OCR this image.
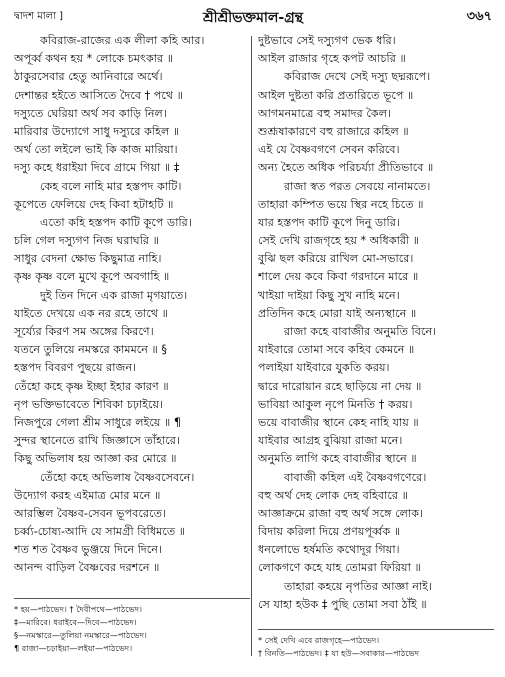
দ্বাদশ মালা ]	শ্রীশ্রীভক্তমাল-গ্রন্থ	৩৬৭
কবিরাজ-রাজের এক লীলা কহি আর।
অপূর্ব্ব কথন হয় * লোকে চমৎকার ॥
ঠাকুরসেবার হেতু আনিবারে অর্থে।
দেশান্তর হইতে আসিতে দৈবে † পথে ॥
দস্যুতে ঘেরিয়া অর্থ সব কাড়ি নিল।
মারিবার উদ্যোগে সাধু দস্যুরে কহিল ॥
অর্থ তো লইলে ভাই কি কাজ মারিয়া।
দস্যু কহে ধরাইয়া দিবে গ্রামে গিয়া ॥ ‡
কেহ বলে নাহি মার হস্তপদ কাটি।
কূপেতে ফেলিয়ে দেহ কিবা হটাহটি ॥
এতো কহি হস্তপদ কাটি কূপে ডারি।
চলি গেল দস্যুগণ নিজ ঘরাঘরি ॥
সাধুর বেদনা ক্ষোভ কিছুমাত্র নাহি।
কৃষ্ণ কৃষ্ণ বলে মুখে কূপে অবগাহি ॥
দুই তিন দিনে এক রাজা মৃগয়াতে।
যাইতে দেখয়ে এক নর রহে তাথে ॥
সূর্য্যের কিরণ সম অঙ্গের কিরণে।
যতনে তুলিয়ে নমস্করে কামমনে ॥ §
হস্তপদ বিবরণ পুছয়ে রাজন।
তেঁহো কহে কৃষ্ণ ইচ্ছা ইহার কারণ ॥
নৃপ ভক্তিভাবেতে শিবিকা চঢ়াইয়ে।
নিজপুরে গেলা শ্রীম সাধুরে লইয়ে ॥ ¶
সুন্দর স্থানেতে রাখি জিজ্ঞাসে তাঁহারে।
কিছু অভিলাষ হয় আজ্ঞা কর মোরে ॥
তেঁহো কহে অভিলাষ বৈষ্ণবসেবনে।
উদ্যোগ করহ এইমাত্র মোর মনে ॥
আরম্ভিল বৈষ্ণব-সেবন ভূপবরেতে।
চর্ব্ব্য-চোষ্য-আদি যে সামগ্রী বিধিমতে ॥
শত শত বৈষ্ণব ভুঞ্জয়ে দিনে দিনে।
আনন্দ বাড়িল বৈষ্ণবের দরশনে ॥
দুষ্টভাবে সেই দস্যুগণ ভেক ধরি।
আইল রাজার গৃহে কপট আচরি ॥
কবিরাজ দেখে সেই দস্যু ছদ্মরূপে।
আইল দুষ্টতা করি প্রতারিতে ভূপে ॥
আগমনমাত্রে বহু সমাদর কৈল।
শুশ্রূষাকারণে বহু রাজারে কহিল ॥
এই যে বৈষ্ণবগণে সেবন করিবে।
অন্য হৈতে অধিক পরিচর্য্যা প্রীতিভাবে ॥
রাজা স্বত পরত সেবয়ে নানামতে।
তাহারা কম্পিত ভয়ে স্থির নহে চিতে ॥
যার হস্তপদ কাটি কূপে দিনু ডারি।
সেই দেখি রাজগৃহে হয় * অধিকারী ॥
বুঝি ছল করিয়ে রাখিল মো-সভারে।
শালে দেয় কবে কিবা গরদানে মারে ॥
খাইয়া দাইয়া কিছু সুখ নাহি মনে।
প্রতিদিন কহে মোরা যাই অন্যস্থানে ॥
রাজা কহে বাবাজীর অনুমতি বিনে।
যাইবারে তোমা সবে কহিব কেমনে ॥
পলাইয়া যাইবারে যুকতি করয়।
দ্বারে দারোয়ান রহে ছাড়িয়ে না দেয় ॥
ভাবিয়া আকুল নৃপে মিনতি † করয়।
ভয়ে বাবাজীর স্থানে কেহ নাহি যায় ॥
যাইবার আগ্রহ বুঝিয়া রাজা মনে।
অনুমতি লাগি কহে বাবাজীর স্থানে ॥
বাবাজী কহিল এই বৈষ্ণবগণেরে।
বহু অর্থ দেহ লোক দেহ বহিবারে ॥
আজ্ঞাক্রমে রাজা বহু অর্থ সঙ্গে লোক।
বিদায় করিলা দিয়ে প্রণয়পূর্ব্বক ॥
ধনলোভে হর্ষমতি কথোদূর গিয়া।
লোকগণে কহে যাহ তোমরা ফিরিয়া ॥
তাহারা কহয়ে নৃপতির আজ্ঞা নাই।
সে যাহা হউক ‡ পুছি তোমা সবা ঠাঁই ॥
* হয়—পাঠভেদ। † দৈবীপথে—পাঠভেদ।
‡—মারিবে। ধরাইবে—দিবে—পাঠভেদ।
§—নমস্কারে—তুলিয়া নমস্কারে—পাঠভেদ।
¶ রাজা—চঢ়াইয়া—লইয়া—পাঠভেদ।
* সেই দেখি এবে রাজগৃহে—পাঠভেদ।
† বিনতি—পাঠভেদ। ‡ যা হউ—সবাকার—পাঠভেদ
